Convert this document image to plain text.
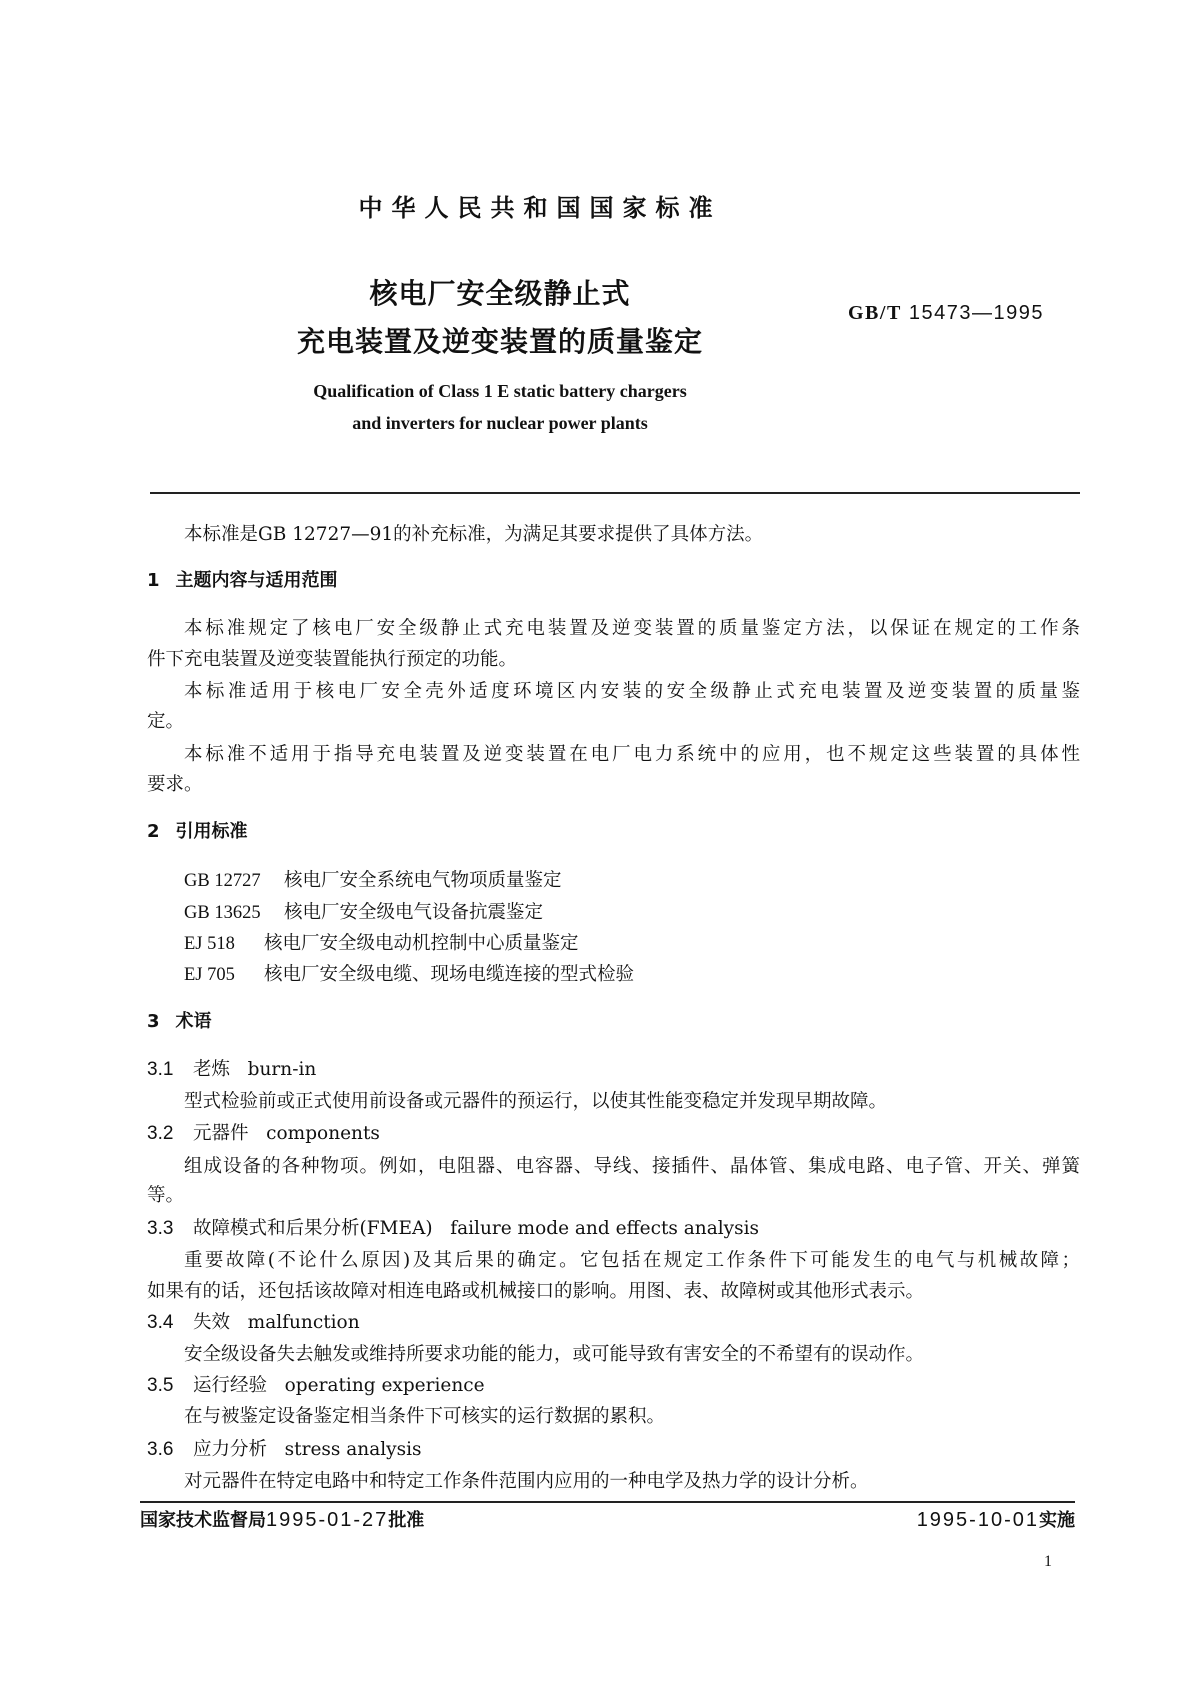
中华人民共和国国家标准
核电厂安全级静止式
充电装置及逆变装置的质量鉴定
GB/T 15473—1995
Qualification of Class 1 E static battery chargers
and inverters for nuclear power plants
本标准是GB 12727—91的补充标准，为满足其要求提供了具体方法。
1 主题内容与适用范围
本标准规定了核电厂安全级静止式充电装置及逆变装置的质量鉴定方法，以保证在规定的工作条
件下充电装置及逆变装置能执行预定的功能。
本标准适用于核电厂安全壳外适度环境区内安装的安全级静止式充电装置及逆变装置的质量鉴
定。
本标准不适用于指导充电装置及逆变装置在电厂电力系统中的应用，也不规定这些装置的具体性
要求。
2 引用标准
GB 12727 核电厂安全系统电气物项质量鉴定
GB 13625 核电厂安全级电气设备抗震鉴定
EJ 518 核电厂安全级电动机控制中心质量鉴定
EJ 705 核电厂安全级电缆、现场电缆连接的型式检验
3 术语
3.1 老炼 burn-in
型式检验前或正式使用前设备或元器件的预运行，以使其性能变稳定并发现早期故障。
3.2 元器件 components
组成设备的各种物项。例如，电阻器、电容器、导线、接插件、晶体管、集成电路、电子管、开关、弹簧
等。
3.3 故障模式和后果分析(FMEA) failure mode and effects analysis
重要故障(不论什么原因)及其后果的确定。它包括在规定工作条件下可能发生的电气与机械故障；
如果有的话，还包括该故障对相连电路或机械接口的影响。用图、表、故障树或其他形式表示。
3.4 失效 malfunction
安全级设备失去触发或维持所要求功能的能力，或可能导致有害安全的不希望有的误动作。
3.5 运行经验 operating experience
在与被鉴定设备鉴定相当条件下可核实的运行数据的累积。
3.6 应力分析 stress analysis
对元器件在特定电路中和特定工作条件范围内应用的一种电学及热力学的设计分析。
国家技术监督局1995-01-27批准	1995-10-01实施
1
